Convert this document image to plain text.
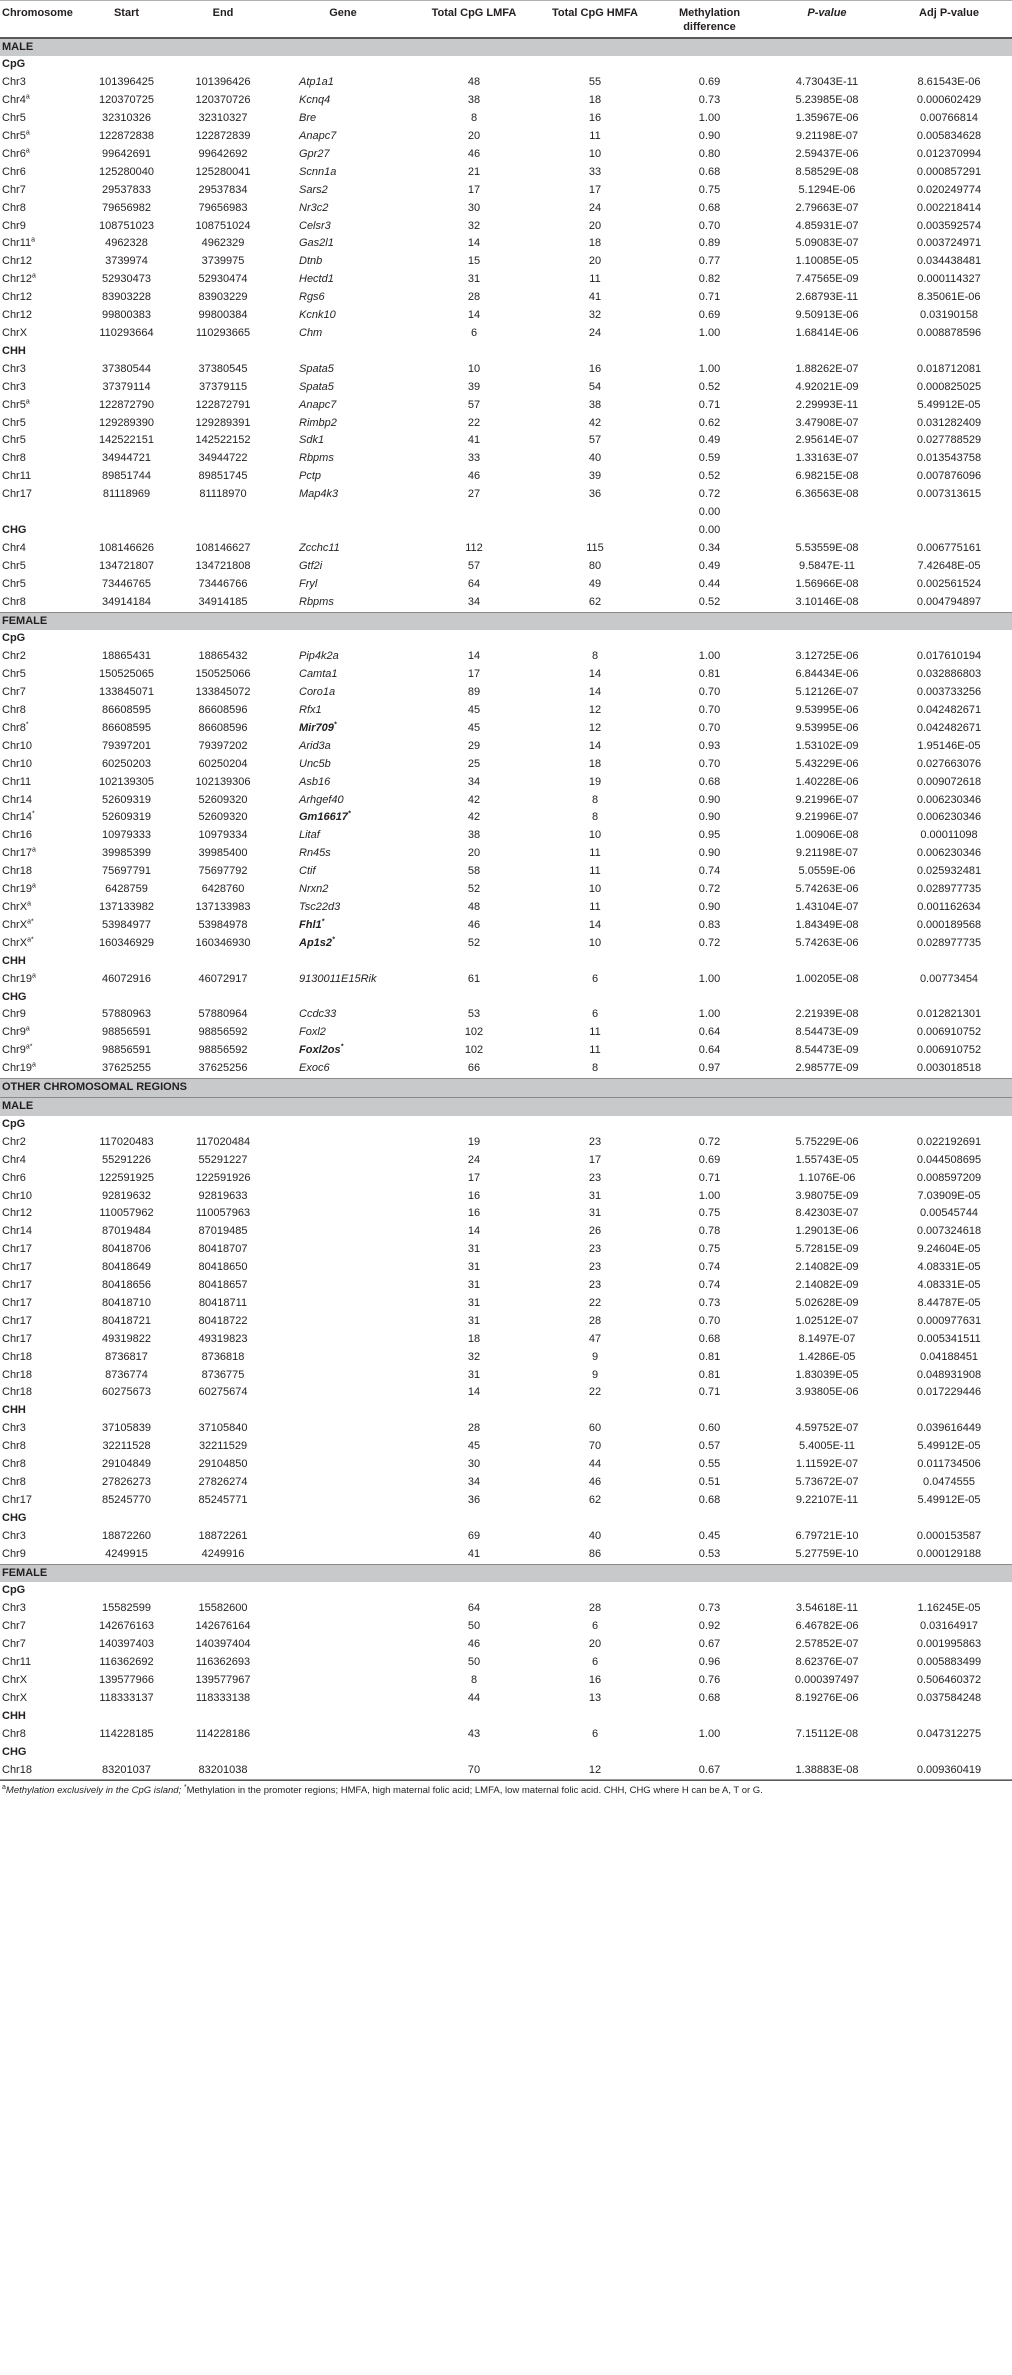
Chromosome	Start	End	Gene	Total CpG LMFA	Total CpG HMFA	Methylation difference	P-value	Adj P-value
MALE								
CpG								
Chr3	101396425	101396426	Atp1a1	48	55	0.69	4.73043E-11	8.61543E-06
Chr4$^a$	120370725	120370726	Kcnq4	38	18	0.73	5.23985E-08	0.000602429
Chr5	32310326	32310327	Bre	8	16	1.00	1.35967E-06	0.00766814
Chr5$^a$	122872838	122872839	Anapc7	20	11	0.90	9.21198E-07	0.005834628
Chr6$^a$	99642691	99642692	Gpr27	46	10	0.80	2.59437E-06	0.012370994
Chr6	125280040	125280041	Scnn1a	21	33	0.68	8.58529E-08	0.000857291
Chr7	29537833	29537834	Sars2	17	17	0.75	5.1294E-06	0.020249774
Chr8	79656982	79656983	Nr3c2	30	24	0.68	2.79663E-07	0.002218414
Chr9	108751023	108751024	Celsr3	32	20	0.70	4.85931E-07	0.003592574
Chr11$^a$	4962328	4962329	Gas2l1	14	18	0.89	5.09083E-07	0.003724971
Chr12	3739974	3739975	Dtnb	15	20	0.77	1.10085E-05	0.034438481
Chr12$^a$	52930473	52930474	Hectd1	31	11	0.82	7.47565E-09	0.000114327
Chr12	83903228	83903229	Rgs6	28	41	0.71	2.68793E-11	8.35061E-06
Chr12	99800383	99800384	Kcnk10	14	32	0.69	9.50913E-06	0.03190158
ChrX	110293664	110293665	Chm	6	24	1.00	1.68414E-06	0.008878596
CHH								
Chr3	37380544	37380545	Spata5	10	16	1.00	1.88262E-07	0.018712081
Chr3	37379114	37379115	Spata5	39	54	0.52	4.92021E-09	0.000825025
Chr5$^a$	122872790	122872791	Anapc7	57	38	0.71	2.29993E-11	5.49912E-05
Chr5	129289390	129289391	Rimbp2	22	42	0.62	3.47908E-07	0.031282409
Chr5	142522151	142522152	Sdk1	41	57	0.49	2.95614E-07	0.027788529
Chr8	34944721	34944722	Rbpms	33	40	0.59	1.33163E-07	0.013543758
Chr11	89851744	89851745	Pctp	46	39	0.52	6.98215E-08	0.007876096
Chr17	81118969	81118970	Map4k3	27	36	0.72	6.36563E-08	0.007313615
						0.00		
CHG						0.00		
Chr4	108146626	108146627	Zcchc11	112	115	0.34	5.53559E-08	0.006775161
Chr5	134721807	134721808	Gtf2i	57	80	0.49	9.5847E-11	7.42648E-05
Chr5	73446765	73446766	Fryl	64	49	0.44	1.56966E-08	0.002561524
Chr8	34914184	34914185	Rbpms	34	62	0.52	3.10146E-08	0.004794897
FEMALE								
CpG								
Chr2	18865431	18865432	Pip4k2a	14	8	1.00	3.12725E-06	0.017610194
Chr5	150525065	150525066	Camta1	17	14	0.81	6.84434E-06	0.032886803
Chr7	133845071	133845072	Coro1a	89	14	0.70	5.12126E-07	0.003733256
Chr8	86608595	86608596	Rfx1	45	12	0.70	9.53995E-06	0.042482671
Chr8*	86608595	86608596	Mir709*	45	12	0.70	9.53995E-06	0.042482671
Chr10	79397201	79397202	Arid3a	29	14	0.93	1.53102E-09	1.95146E-05
Chr10	60250203	60250204	Unc5b	25	18	0.70	5.43229E-06	0.027663076
Chr11	102139305	102139306	Asb16	34	19	0.68	1.40228E-06	0.009072618
Chr14	52609319	52609320	Arhgef40	42	8	0.90	9.21996E-07	0.006230346
Chr14*	52609319	52609320	Gm16617*	42	8	0.90	9.21996E-07	0.006230346
Chr16	10979333	10979334	Litaf	38	10	0.95	1.00906E-08	0.00011098
Chr17$^a$	39985399	39985400	Rn45s	20	11	0.90	9.21198E-07	0.006230346
Chr18	75697791	75697792	Ctif	58	11	0.74	5.0559E-06	0.025932481
Chr19$^a$	6428759	6428760	Nrxn2	52	10	0.72	5.74263E-06	0.028977735
ChrX$^a$	137133982	137133983	Tsc22d3	48	11	0.90	1.43104E-07	0.001162634
ChrX$^{a*}$	53984977	53984978	Fhl1*	46	14	0.83	1.84349E-08	0.000189568
ChrX$^{a*}$	160346929	160346930	Ap1s2*	52	10	0.72	5.74263E-06	0.028977735
CHH								
Chr19$^a$	46072916	46072917	9130011E15Rik	61	6	1.00	1.00205E-08	0.00773454
CHG								
Chr9	57880963	57880964	Ccdc33	53	6	1.00	2.21939E-08	0.012821301
Chr9$^a$	98856591	98856592	Foxl2	102	11	0.64	8.54473E-09	0.006910752
$Chr9^{a*}$	98856591	98856592	Foxl2os*	102	11	0.64	8.54473E-09	0.006910752
Chr19$^a$	37625255	37625256	Exoc6	66	8	0.97	2.98577E-09	0.003018518
OTHER CHROMOSOMAL REGIONS								
MALE								
CpG								
Chr2	117020483	117020484		19	23	0.72	5.75229E-06	0.022192691
Chr4	55291226	55291227		24	17	0.69	1.55743E-05	0.044508695
Chr6	122591925	122591926		17	23	0.71	1.1076E-06	0.008597209
Chr10	92819632	92819633		16	31	1.00	3.98075E-09	7.03909E-05
Chr12	110057962	110057963		16	31	0.75	8.42303E-07	0.00545744
Chr14	87019484	87019485		14	26	0.78	1.29013E-06	0.007324618
Chr17	80418706	80418707		31	23	0.75	5.72815E-09	9.24604E-05
Chr17	80418649	80418650		31	23	0.74	2.14082E-09	4.08331E-05
Chr17	80418656	80418657		31	23	0.74	2.14082E-09	4.08331E-05
Chr17	80418710	80418711		31	22	0.73	5.02628E-09	8.44787E-05
Chr17	80418721	80418722		31	28	0.70	1.02512E-07	0.000977631
Chr17	49319822	49319823		18	47	0.68	8.1497E-07	0.005341511
Chr18	8736817	8736818		32	9	0.81	1.4286E-05	0.04188451
Chr18	8736774	8736775		31	9	0.81	1.83039E-05	0.048931908
Chr18	60275673	60275674		14	22	0.71	3.93805E-06	0.017229446
CHH								
Chr3	37105839	37105840		28	60	0.60	4.59752E-07	0.039616449
Chr8	32211528	32211529		45	70	0.57	5.4005E-11	5.49912E-05
Chr8	29104849	29104850		30	44	0.55	1.11592E-07	0.011734506
Chr8	27826273	27826274		34	46	0.51	5.73672E-07	0.0474555
Chr17	85245770	85245771		36	62	0.68	9.22107E-11	5.49912E-05
CHG								
Chr3	18872260	18872261		69	40	0.45	6.79721E-10	0.000153587
Chr9	4249915	4249916		41	86	0.53	5.27759E-10	0.000129188
FEMALE								
CpG								
Chr3	15582599	15582600		64	28	0.73	3.54618E-11	1.16245E-05
Chr7	142676163	142676164		50	6	0.92	6.46782E-06	0.03164917
Chr7	140397403	140397404		46	20	0.67	2.57852E-07	0.001995863
Chr11	116362692	116362693		50	6	0.96	8.62376E-07	0.005883499
ChrX	139577966	139577967		8	16	0.76	0.000397497	0.506460372
ChrX	118333137	118333138		44	13	0.68	8.19276E-06	0.037584248
CHH								
Chr8	114228185	114228186		43	6	1.00	7.15112E-08	0.047312275
CHG								
Chr18	83201037	83201038		70	12	0.67	1.38883E-08	0.009360419
$^a$Methylation exclusively in the CpG island; *Methylation in the promoter regions; HMFA, high maternal folic acid; LMFA, low maternal folic acid. CHH, CHG where H can be A, T or G.
